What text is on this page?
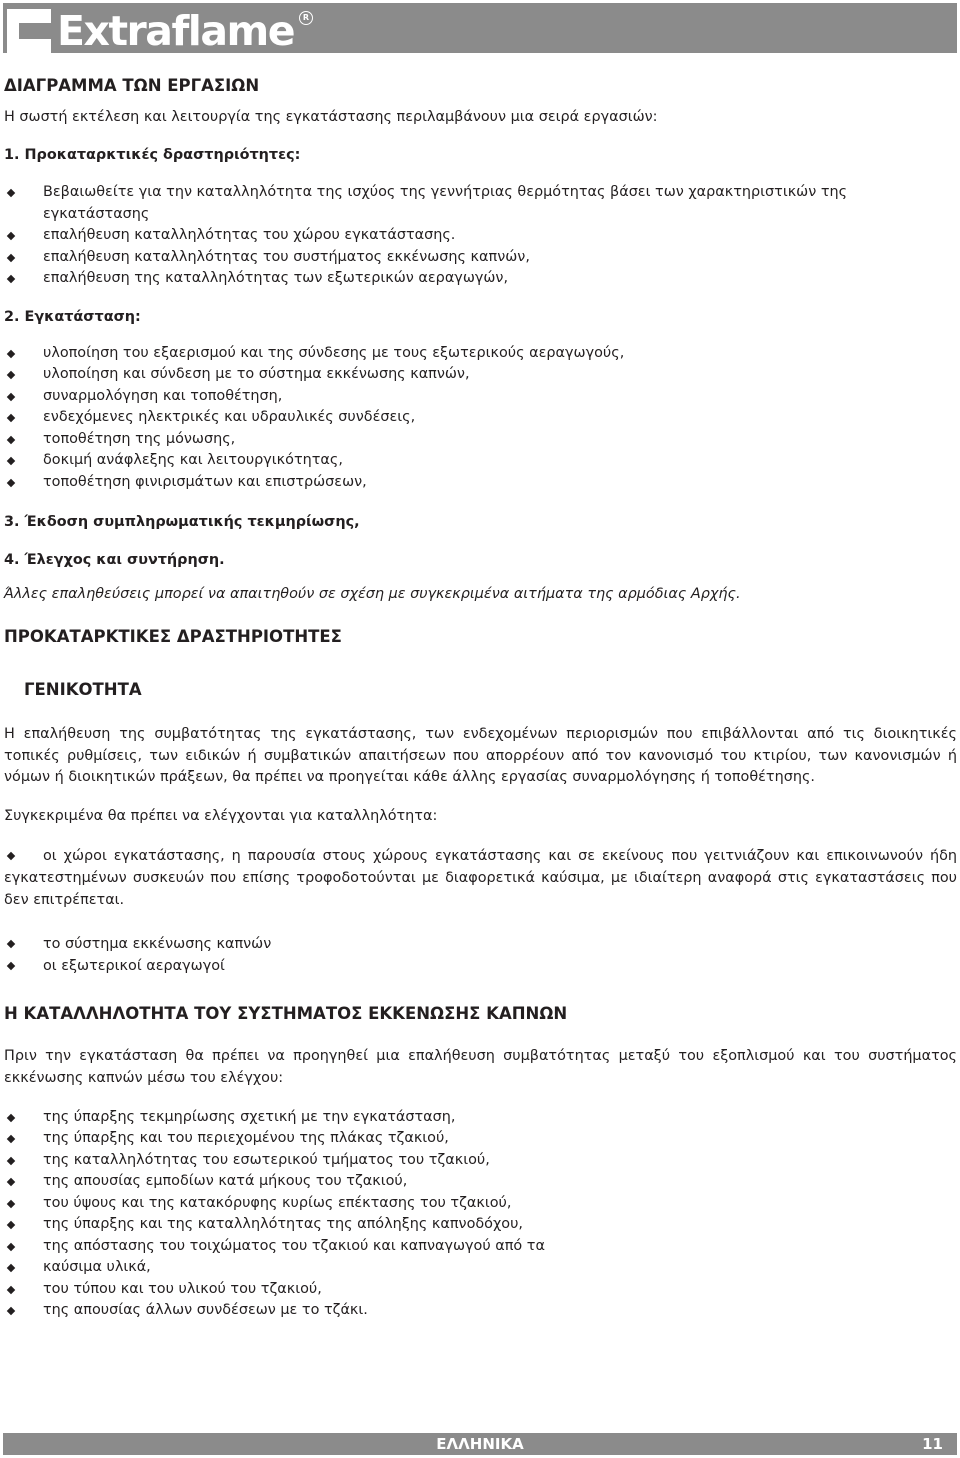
Extraflame	R
ΔΙΑΓΡΑΜΜΑ ΤΩΝ ΕΡΓΑΣΙΩΝ

Η σωστή εκτέλεση και λειτουργία της εγκατάστασης περιλαμβάνουν μια σειρά εργασιών:

1. Προκαταρκτικές δραστηριότητες:

Βεβαιωθείτε για την καταλληλότητα της ισχύος της γεννήτριας θερμότητας βάσει των χαρακτηριστικών της εγκατάστασης
επαλήθευση καταλληλότητας του χώρου εγκατάστασης.
επαλήθευση καταλληλότητας του συστήματος εκκένωσης καπνών,
επαλήθευση της καταλληλότητας των εξωτερικών αεραγωγών,

2. Εγκατάσταση:

υλοποίηση του εξαερισμού και της σύνδεσης με τους εξωτερικούς αεραγωγούς,
υλοποίηση και σύνδεση με το σύστημα εκκένωσης καπνών,
συναρμολόγηση και τοποθέτηση,
ενδεχόμενες ηλεκτρικές και υδραυλικές συνδέσεις,
τοποθέτηση της μόνωσης,
δοκιμή ανάφλεξης και λειτουργικότητας,
τοποθέτηση φινιρισμάτων και επιστρώσεων,

3. Έκδοση συμπληρωματικής τεκμηρίωσης,

4. Έλεγχος και συντήρηση.

Άλλες επαληθεύσεις μπορεί να απαιτηθούν σε σχέση με συγκεκριμένα αιτήματα της αρμόδιας Αρχής.

ΠΡΟΚΑΤΑΡΚΤΙΚΕΣ ΔΡΑΣΤΗΡΙΟΤΗΤΕΣ
ΓΕΝΙΚΟΤΗΤΑ

Η επαλήθευση της συμβατότητας της εγκατάστασης, των ενδεχομένων περιορισμών που επιβάλλονται από τις διοικητικές τοπικές ρυθμίσεις, των ειδικών ή συμβατικών απαιτήσεων που απορρέουν από τον κανονισμό του κτιρίου, των κανονισμών ή νόμων ή διοικητικών πράξεων, θα πρέπει να προηγείται κάθε άλλης εργασίας συναρμολόγησης ή τοποθέτησης.

Συγκεκριμένα θα πρέπει να ελέγχονται για καταλληλότητα:

οι χώροι εγκατάστασης, η παρουσία στους χώρους εγκατάστασης και σε εκείνους που γειτνιάζουν και επικοινωνούν ήδη εγκατεστημένων συσκευών που επίσης τροφοδοτούνται με διαφορετικά καύσιμα, με ιδιαίτερη αναφορά στις εγκαταστάσεις που δεν επιτρέπεται.
το σύστημα εκκένωσης καπνών
οι εξωτερικοί αεραγωγοί
Η ΚΑΤΑΛΛΗΛΟΤΗΤΑ ΤΟΥ ΣΥΣΤΗΜΑΤΟΣ ΕΚΚΕΝΩΣΗΣ ΚΑΠΝΩΝ

Πριν την εγκατάσταση θα πρέπει να προηγηθεί μια επαλήθευση συμβατότητας μεταξύ του εξοπλισμού και του συστήματος εκκένωσης καπνών μέσω του ελέγχου:

της ύπαρξης τεκμηρίωσης σχετική με την εγκατάσταση,
της ύπαρξης και του περιεχομένου της πλάκας τζακιού,
της καταλληλότητας του εσωτερικού τμήματος του τζακιού,
της απουσίας εμποδίων κατά μήκους του τζακιού,
του ύψους και της κατακόρυφης κυρίως επέκτασης του τζακιού,
της ύπαρξης και της καταλληλότητας της απόληξης καπνοδόχου,
της απόστασης του τοιχώματος του τζακιού και καπναγωγού από τα
καύσιμα υλικά,
του τύπου και του υλικού του τζακιού,
της απουσίας άλλων συνδέσεων με το τζάκι.
ΕΛΛΗΝΙΚΑ	11
